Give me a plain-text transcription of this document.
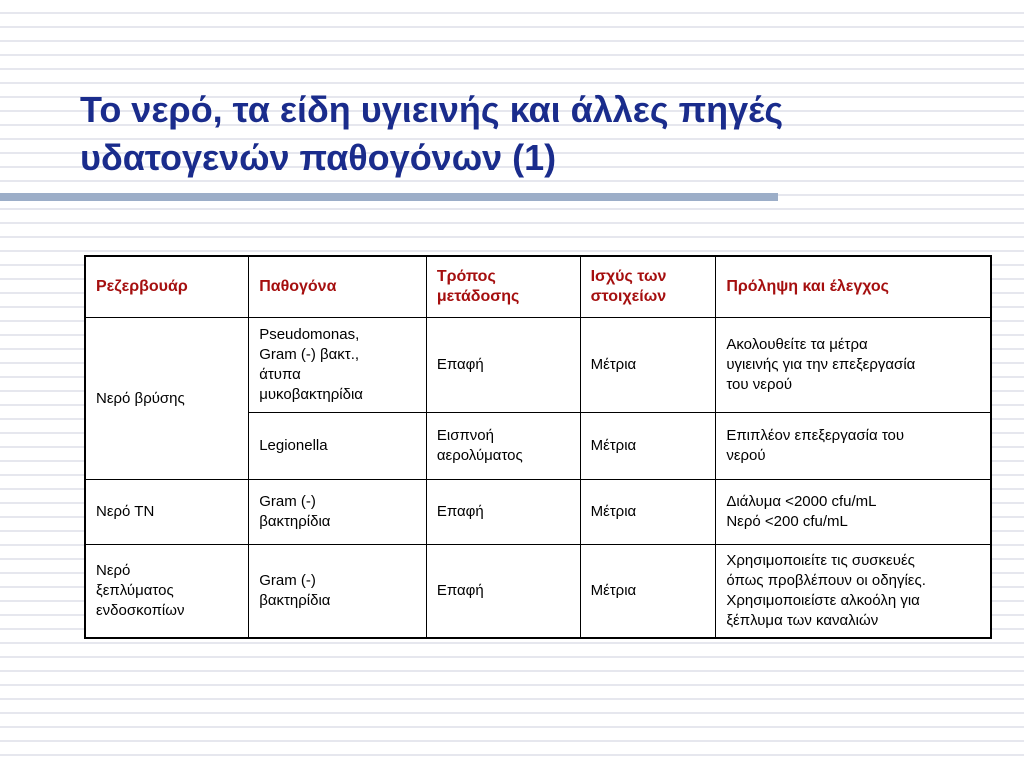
Το νερό, τα είδη υγιεινής και άλλες πηγές
υδατογενών παθογόνων (1)
Ρεζερβουάρ	Παθογόνα	Τρόπος μετάδοσης	Ισχύς των στοιχείων	Πρόληψη και έλεγχος
Νερό βρύσης	Pseudomonas,
Gram (-) βακτ.,
άτυπα
μυκοβακτηρίδια	Επαφή	Μέτρια	Ακολουθείτε τα μέτρα
υγιεινής για την επεξεργασία
του νερού

	Legionella	Εισπνοή
αερολύματος	Μέτρια	Επιπλέον επεξεργασία του
νερού

Νερό ΤΝ	Gram (-)
βακτηρίδια	Επαφή	Μέτρια	Διάλυμα <2000 cfu/mL
Νερό <200 cfu/mL

Νερό
ξεπλύματος
ενδοσκοπίων	Gram (-)
βακτηρίδια	Επαφή	Μέτρια	Χρησιμοποιείτε τις συσκευές
όπως προβλέπουν οι οδηγίες.
Χρησιμοποιείστε αλκοόλη για
ξέπλυμα των καναλιών
